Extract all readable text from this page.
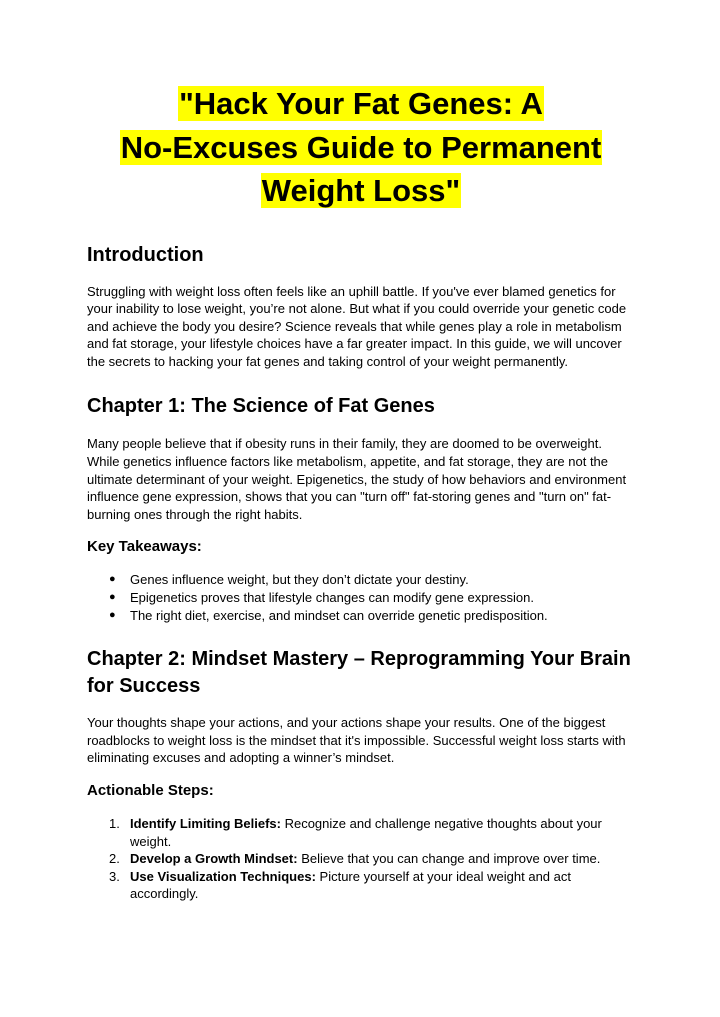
"Hack Your Fat Genes: A
No-Excuses Guide to Permanent
Weight Loss"
Introduction

Struggling with weight loss often feels like an uphill battle. If you've ever blamed genetics for your inability to lose weight, you’re not alone. But what if you could override your genetic code and achieve the body you desire? Science reveals that while genes play a role in metabolism and fat storage, your lifestyle choices have a far greater impact. In this guide, we will uncover the secrets to hacking your fat genes and taking control of your weight permanently.

Chapter 1: The Science of Fat Genes

Many people believe that if obesity runs in their family, they are doomed to be overweight. While genetics influence factors like metabolism, appetite, and fat storage, they are not the ultimate determinant of your weight. Epigenetics, the study of how behaviors and environment influence gene expression, shows that you can "turn off" fat-storing genes and "turn on" fat-burning ones through the right habits.

Key Takeaways:
● Genes influence weight, but they don’t dictate your destiny.
● Epigenetics proves that lifestyle changes can modify gene expression.
● The right diet, exercise, and mindset can override genetic predisposition.
Chapter 2: Mindset Mastery – Reprogramming Your Brain for Success

Your thoughts shape your actions, and your actions shape your results. One of the biggest roadblocks to weight loss is the mindset that it's impossible. Successful weight loss starts with eliminating excuses and adopting a winner’s mindset.

Actionable Steps:
1. Identify Limiting Beliefs: Recognize and challenge negative thoughts about your weight.
2. Develop a Growth Mindset: Believe that you can change and improve over time.
3. Use Visualization Techniques: Picture yourself at your ideal weight and act accordingly.
